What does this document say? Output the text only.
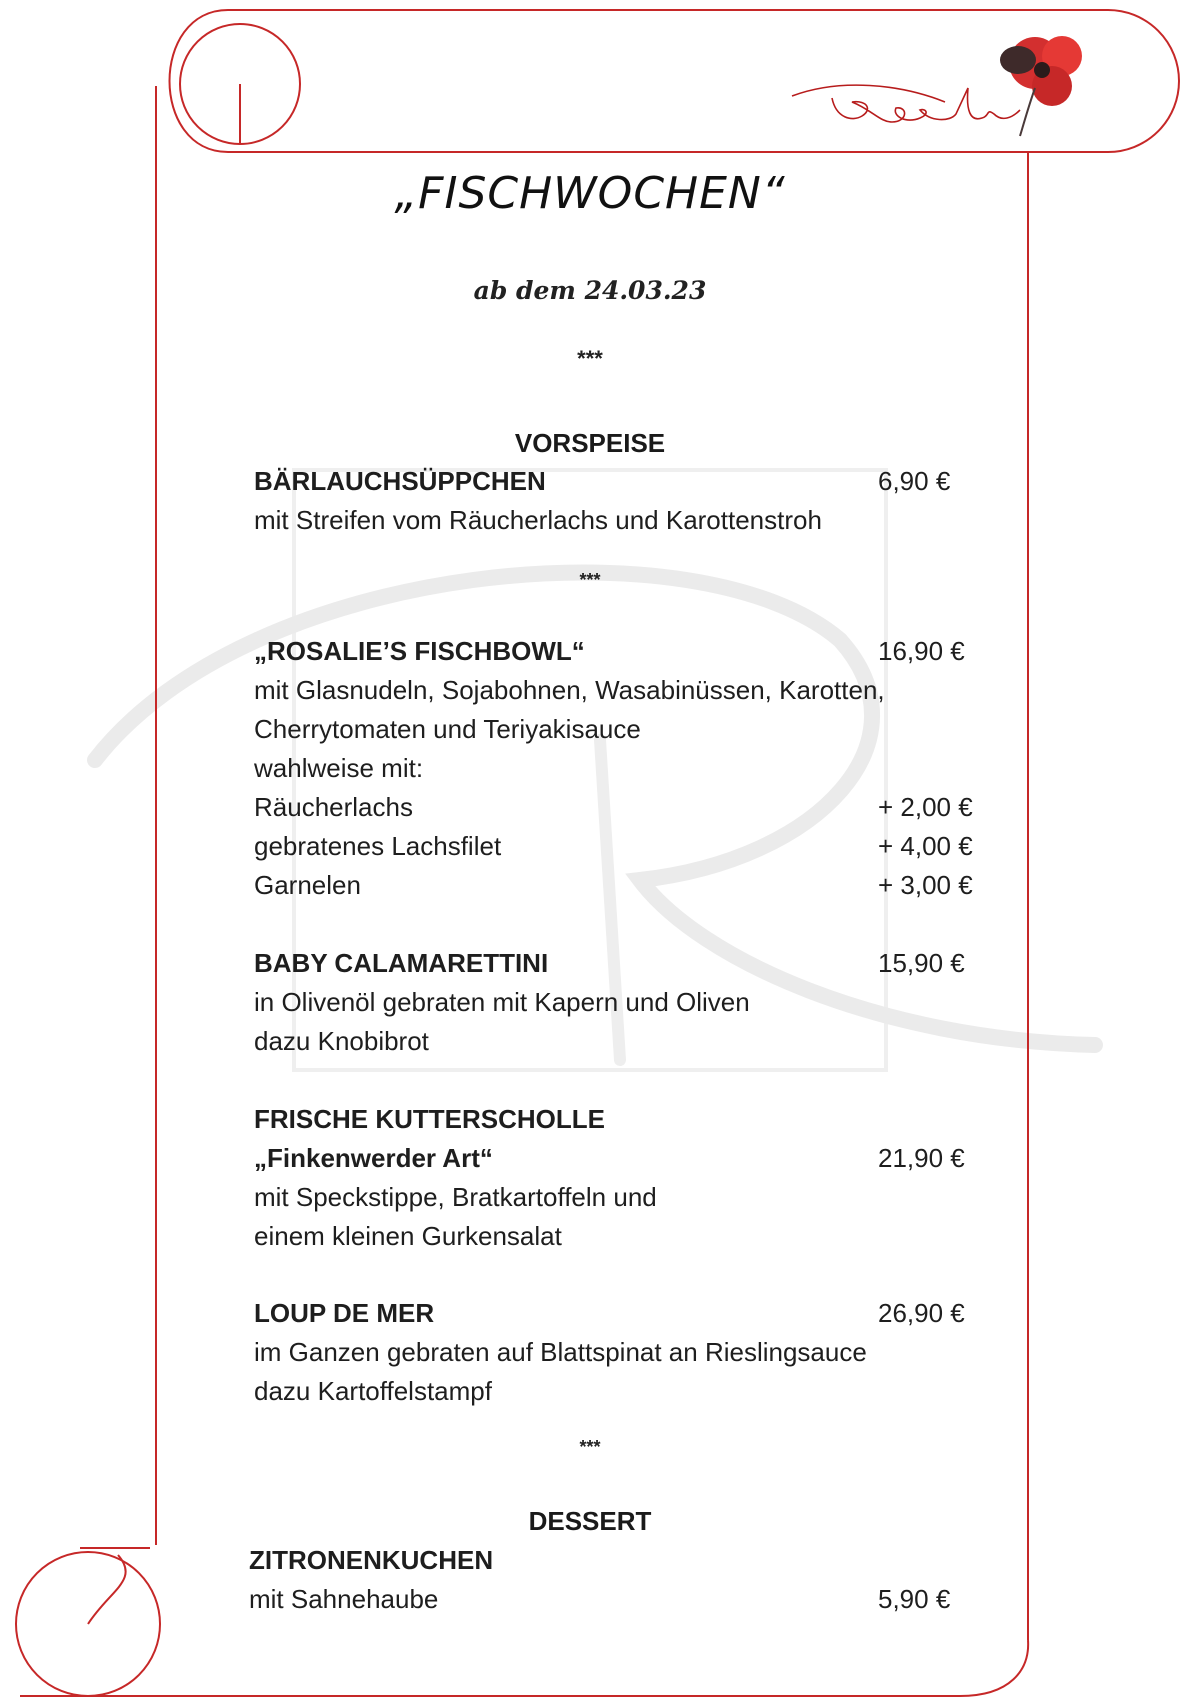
„FISCHWOCHEN“
ab dem 24.03.23
***
VORSPEISE
BÄRLAUCHSÜPPCHEN	6,90 €
mit Streifen vom Räucherlachs und Karottenstroh
***
„ROSALIE’S FISCHBOWL“	16,90 €
mit Glasnudeln, Sojabohnen, Wasabinüssen, Karotten,
Cherrytomaten und Teriyakisauce
wahlweise mit:
Räucherlachs	+ 2,00 €
gebratenes Lachsfilet	+ 4,00 €
Garnelen	+ 3,00 €
BABY CALAMARETTINI	15,90 €
in Olivenöl gebraten mit Kapern und Oliven
dazu Knobibrot
FRISCHE KUTTERSCHOLLE
„Finkenwerder Art“	21,90 €
mit Speckstippe, Bratkartoffeln und
einem kleinen Gurkensalat
LOUP DE MER	26,90 €
im Ganzen gebraten auf Blattspinat an Rieslingsauce
dazu Kartoffelstampf
***
DESSERT
ZITRONENKUCHEN
mit Sahnehaube	5,90 €
